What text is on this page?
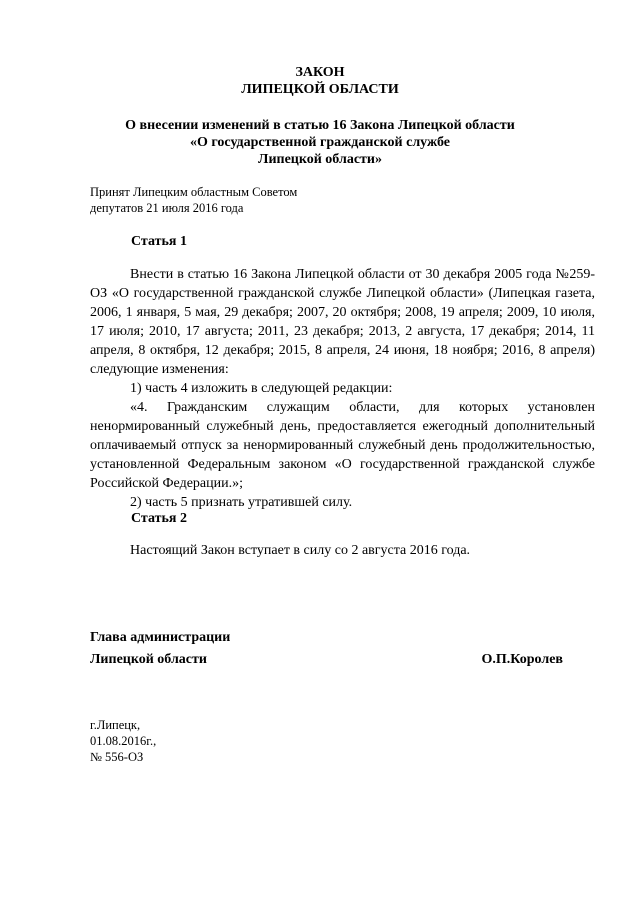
ЗАКОН
ЛИПЕЦКОЙ ОБЛАСТИ
О внесении изменений в статью 16 Закона Липецкой области
«О государственной гражданской службе
Липецкой области»
Принят Липецким областным Советом
депутатов 21 июля 2016 года
Статья 1

Внести в статью 16 Закона Липецкой области от 30 декабря 2005 года №259-ОЗ «О государственной гражданской службе Липецкой области» (Липецкая газета, 2006, 1 января, 5 мая, 29 декабря; 2007, 20 октября; 2008, 19 апреля; 2009, 10 июля, 17 июля; 2010, 17 августа; 2011, 23 декабря; 2013, 2 августа, 17 декабря; 2014, 11 апреля, 8 октября, 12 декабря; 2015, 8 апреля, 24 июня, 18 ноября; 2016, 8 апреля) следующие изменения:

1) часть 4 изложить в следующей редакции:

«4. Гражданским служащим области, для которых установлен ненормированный служебный день, предоставляется ежегодный дополнительный оплачиваемый отпуск за ненормированный служебный день продолжительностью, установленной Федеральным законом «О государственной гражданской службе Российской Федерации.»;

2) часть 5 признать утратившей силу.

Статья 2

Настоящий Закон вступает в силу со 2 августа 2016 года.

Глава администрации
Липецкой области	О.П.Королев
г.Липецк,
01.08.2016г.,
№ 556-ОЗ
